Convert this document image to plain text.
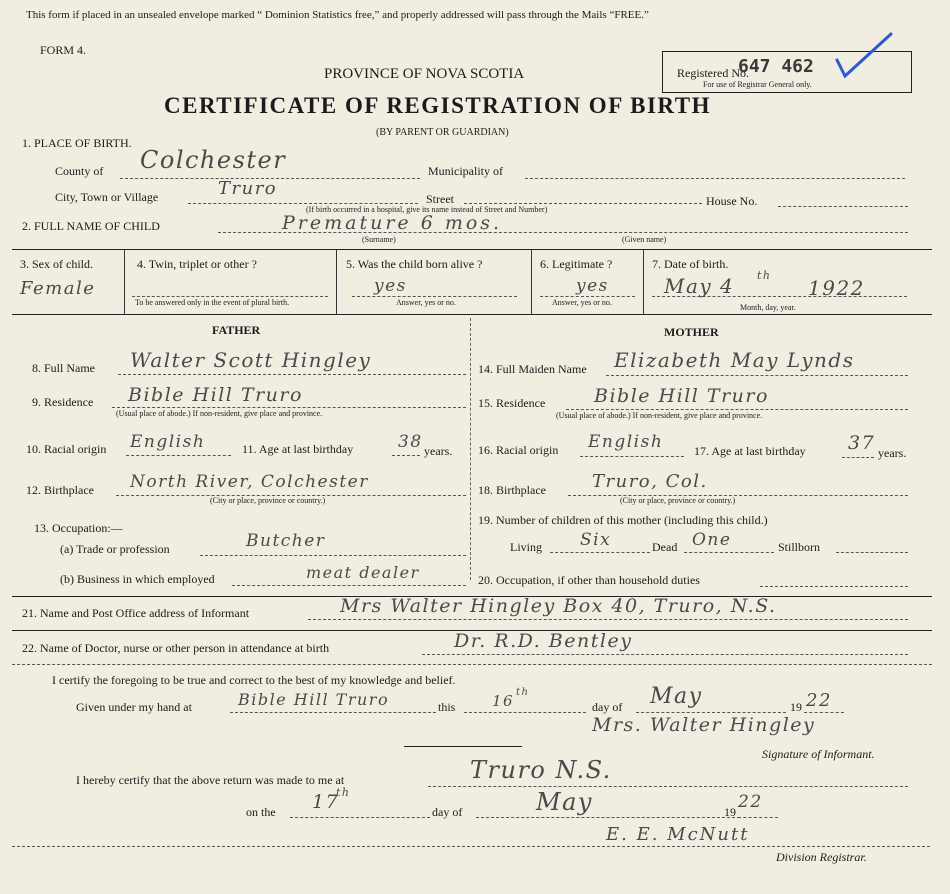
This form if placed in an unsealed envelope marked “ Dominion Statistics free,” and properly addressed will pass through the Mails “FREE.”
FORM 4.
PROVINCE OF NOVA SCOTIA
CERTIFICATE OF REGISTRATION OF BIRTH
(BY PARENT OR GUARDIAN)
Registered No.
647 462
For use of Registrar General only.
1. PLACE OF BIRTH.
County of Colchester	Municipality of
City, Town or Village	Truro	Street
(If birth occurred in a hospital, give its name instead of Street and Number)
House No.
2. FULL NAME OF CHILD	Premature 6 mos.
(Surname)	(Given name)
3. Sex of child.
Female
4. Twin, triplet or other ?
To be answered only in the event of plural birth.
5. Was the child born alive ?
yes
Answer, yes or no.
6. Legitimate ?
yes
Answer, yes or no.
7. Date of birth.
May 4 th
1922
Month, day, year.
FATHER	MOTHER
8. Full Name Walter Scott Hingley
9. Residence Bible Hill Truro
(Usual place of abode.) If non-resident, give place and province.
10. Racial origin English	11. Age at last birthday	38 years.
12. Birthplace North River, Colchester
(City or place, province or country.)
14. Full Maiden Name Elizabeth May Lynds
15. Residence	Bible Hill Truro
(Usual place of abode.) If non-resident, give place and province.
16. Racial origin English	17. Age at last birthday 37 years.
18. Birthplace	Truro, Col.
(City or place, province or country.)
19. Number of children of this mother (including this child.)
Living Six	Dead One	Stillborn
20. Occupation, if other than household duties
13. Occupation:—
(a) Trade or profession	Butcher
(b) Business in which employed	meat dealer
21. Name and Post Office address of Informant	Mrs Walter Hingley Box 40, Truro, N.S.
22. Name of Doctor, nurse or other person in attendance at birth	Dr. R.D. Bentley
I certify the foregoing to be true and correct to the best of my knowledge and belief.
Given under my hand at	Bible Hill Truro	this 16 th
day of May	19 22
Mrs. Walter Hingley
Signature of Informant.
I hereby certify that the above return was made to me at	Truro N.S.
on the 17
th
day of	May	19 22
E. E. McNutt
Division Registrar.
